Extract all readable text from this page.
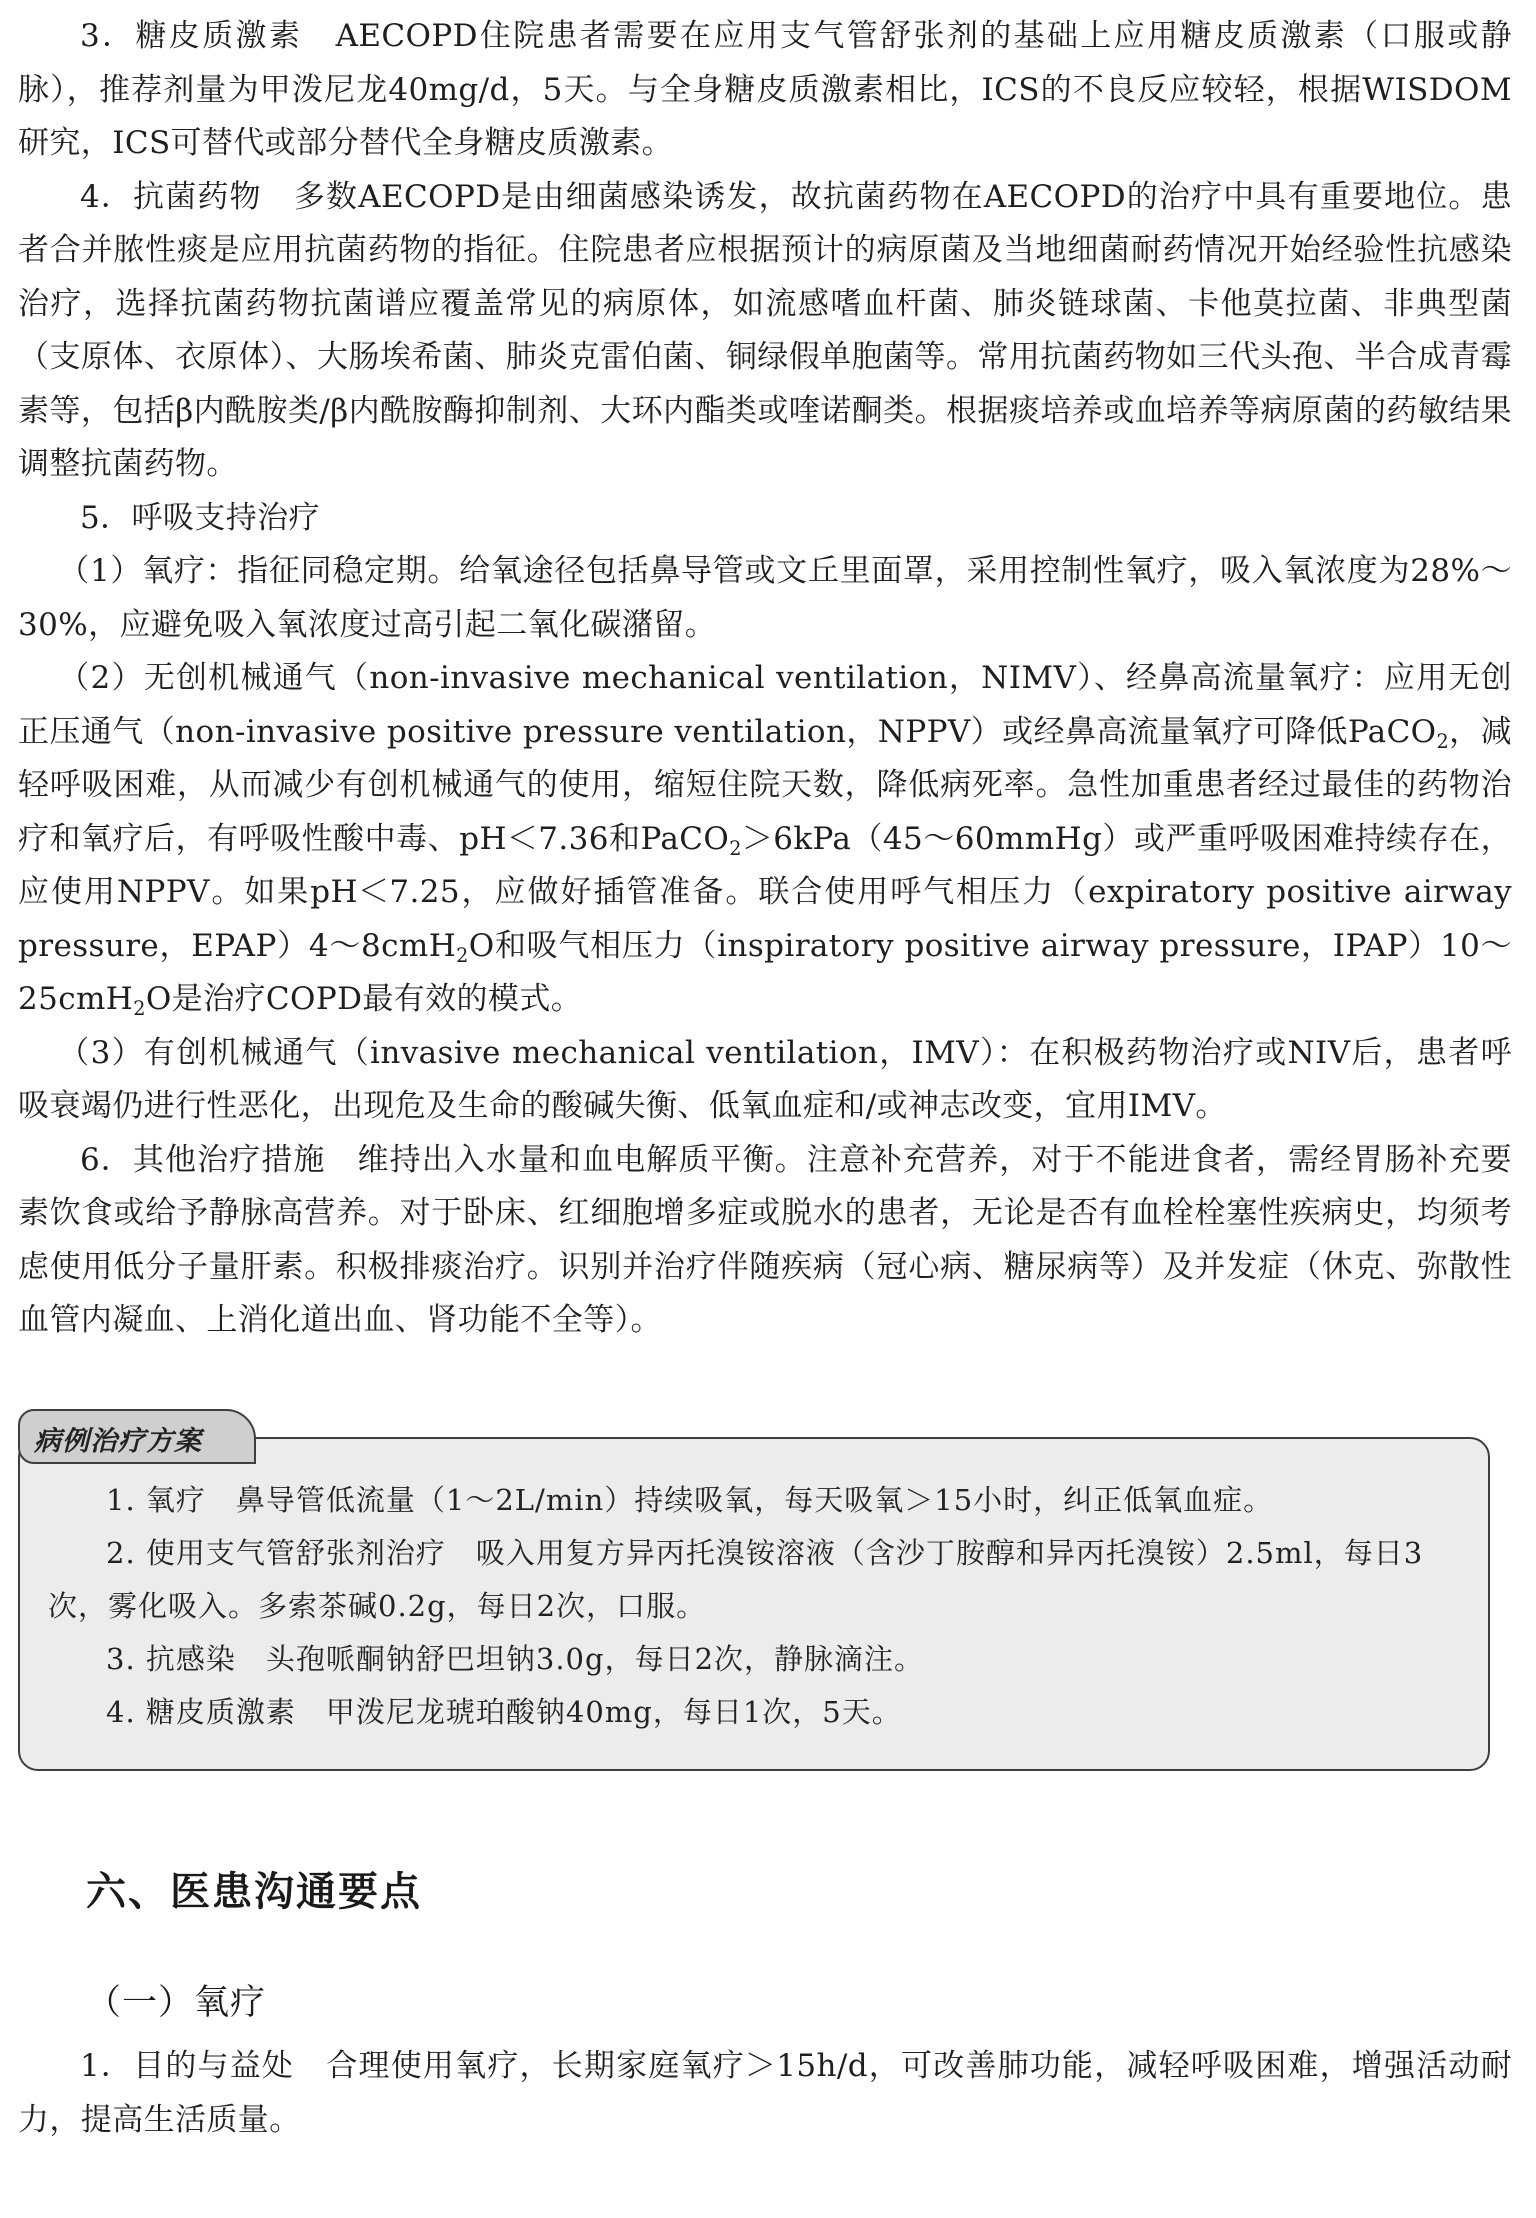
3．糖皮质激素　AECOPD住院患者需要在应用支气管舒张剂的基础上应用糖皮质激素（口服或静脉），推荐剂量为甲泼尼龙40mg/d，5天。与全身糖皮质激素相比，ICS的不良反应较轻，根据WISDOM研究，ICS可替代或部分替代全身糖皮质激素。

4．抗菌药物　多数AECOPD是由细菌感染诱发，故抗菌药物在AECOPD的治疗中具有重要地位。患者合并脓性痰是应用抗菌药物的指征。住院患者应根据预计的病原菌及当地细菌耐药情况开始经验性抗感染治疗，选择抗菌药物抗菌谱应覆盖常见的病原体，如流感嗜血杆菌、肺炎链球菌、卡他莫拉菌、非典型菌（支原体、衣原体）、大肠埃希菌、肺炎克雷伯菌、铜绿假单胞菌等。常用抗菌药物如三代头孢、半合成青霉素等，包括β内酰胺类/β内酰胺酶抑制剂、大环内酯类或喹诺酮类。根据痰培养或血培养等病原菌的药敏结果调整抗菌药物。

5．呼吸支持治疗

（1）氧疗：指征同稳定期。给氧途径包括鼻导管或文丘里面罩，采用控制性氧疗，吸入氧浓度为28%～30%，应避免吸入氧浓度过高引起二氧化碳潴留。

（2）无创机械通气（non-invasive mechanical ventilation，NIMV）、经鼻高流量氧疗：应用无创正压通气（non-invasive positive pressure ventilation，NPPV）或经鼻高流量氧疗可降低PaCO$_2$，减轻呼吸困难，从而减少有创机械通气的使用，缩短住院天数，降低病死率。急性加重患者经过最佳的药物治疗和氧疗后，有呼吸性酸中毒、pH＜7.36和PaCO$_2$＞6kPa（45～60mmHg）或严重呼吸困难持续存在，应使用NPPV。如果pH＜7.25，应做好插管准备。联合使用呼气相压力（expiratory positive airway pressure，EPAP）4～8cmH$_2$O和吸气相压力（inspiratory positive airway pressure，IPAP）10～25cmH$_2$O是治疗COPD最有效的模式。

（3）有创机械通气（invasive mechanical ventilation，IMV）：在积极药物治疗或NIV后，患者呼吸衰竭仍进行性恶化，出现危及生命的酸碱失衡、低氧血症和/或神志改变，宜用IMV。

6．其他治疗措施　维持出入水量和血电解质平衡。注意补充营养，对于不能进食者，需经胃肠补充要素饮食或给予静脉高营养。对于卧床、红细胞增多症或脱水的患者，无论是否有血栓栓塞性疾病史，均须考虑使用低分子量肝素。积极排痰治疗。识别并治疗伴随疾病（冠心病、糖尿病等）及并发症（休克、弥散性血管内凝血、上消化道出血、肾功能不全等）。

病例治疗方案

1. 氧疗　鼻导管低流量（1～2L/min）持续吸氧，每天吸氧＞15小时，纠正低氧血症。

2. 使用支气管舒张剂治疗　吸入用复方异丙托溴铵溶液（含沙丁胺醇和异丙托溴铵）2.5ml，每日3次，雾化吸入。多索茶碱0.2g，每日2次，口服。

3. 抗感染　头孢哌酮钠舒巴坦钠3.0g，每日2次，静脉滴注。

4. 糖皮质激素　甲泼尼龙琥珀酸钠40mg，每日1次，5天。

六、医患沟通要点
（一）氧疗

1．目的与益处　合理使用氧疗，长期家庭氧疗＞15h/d，可改善肺功能，减轻呼吸困难，增强活动耐力，提高生活质量。
